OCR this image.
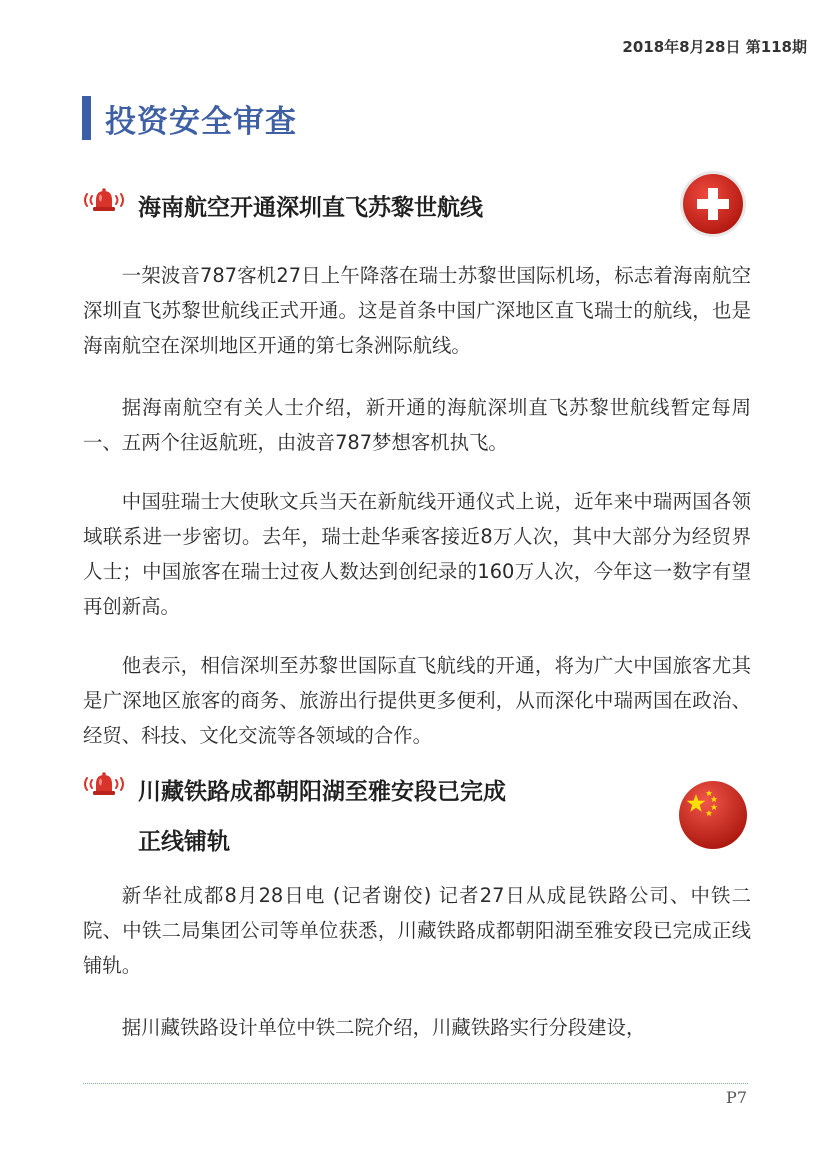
2018年8月28日 第118期
投资安全审查
海南航空开通深圳直飞苏黎世航线

一架波音787客机27日上午降落在瑞士苏黎世国际机场，标志着海南航空深圳直飞苏黎世航线正式开通。这是首条中国广深地区直飞瑞士的航线，也是海南航空在深圳地区开通的第七条洲际航线。

据海南航空有关人士介绍，新开通的海航深圳直飞苏黎世航线暂定每周一、五两个往返航班，由波音787梦想客机执飞。

中国驻瑞士大使耿文兵当天在新航线开通仪式上说，近年来中瑞两国各领域联系进一步密切。去年，瑞士赴华乘客接近8万人次，其中大部分为经贸界人士；中国旅客在瑞士过夜人数达到创纪录的160万人次，今年这一数字有望再创新高。

他表示，相信深圳至苏黎世国际直飞航线的开通，将为广大中国旅客尤其是广深地区旅客的商务、旅游出行提供更多便利，从而深化中瑞两国在政治、经贸、科技、文化交流等各领域的合作。

川藏铁路成都朝阳湖至雅安段已完成
正线铺轨

新华社成都8月28日电 (记者谢佼) 记者27日从成昆铁路公司、中铁二院、中铁二局集团公司等单位获悉，川藏铁路成都朝阳湖至雅安段已完成正线铺轨。

据川藏铁路设计单位中铁二院介绍，川藏铁路实行分段建设，

P7
